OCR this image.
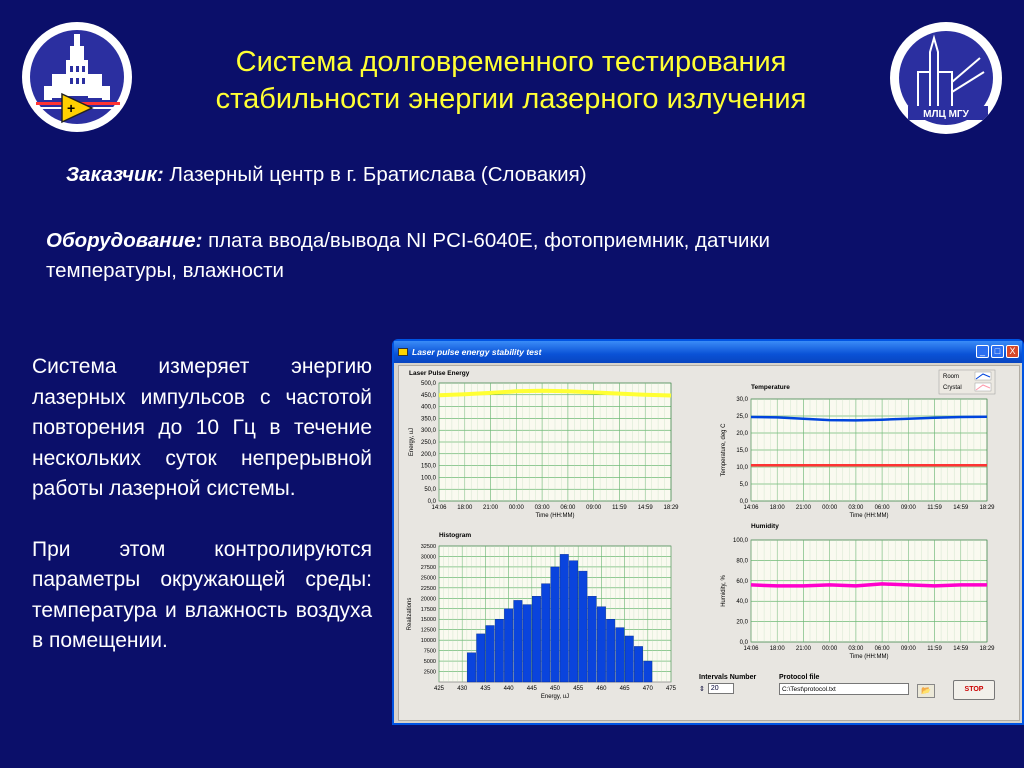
+	МЛЦ МГУ
Система долговременного тестирования
стабильности энергии лазерного излучения
Заказчик: Лазерный центр в г. Братислава (Словакия)
Оборудование: плата ввода/вывода NI PCI-6040E, фотоприемник, датчики температуры, влажности

Система измеряет энергию лазерных импульсов с частотой повторения до 10 Гц в течение нескольких суток непрерывной работы лазерной системы.

При этом контролируются параметры окружающей среды: температура и влажность воздуха в помещении.

Laser pulse energy stability test	_	□	X
Laser Pulse Energy
Energy, uJ
0,0
50,0
100,0
150,0
200,0
250,0
300,0
350,0
400,0
450,0
500,0
14:06 18:00 21:00 00:00 03:00 06:00 09:00 11:59 14:59 18:29
Time (HH:MM)
Temperature
Temperature, deg C
0,0
5,0
10,0
15,0
20,0
25,0
30,0
14:06 18:00 21:00 00:00 03:00 06:00 09:00 11:59 14:59 18:29
Time (HH:MM)
Room
Crystal
Histogram
Realizations
2500
5000
7500
10000
12500
15000
17500
20000
22500
25000
27500
30000
32500
425 430 435 440 445 450 455 460 465 470 475
Energy, uJ
Humidity
Humidity, %
0,0
20,0
40,0
60,0
80,0
100,0
14:06 18:00 21:00 00:00 03:00 06:00 09:00 11:59 14:59 18:29
Time (HH:MM)
Intervals Number
⇕ 20
Protocol file
C:\Test\protocol.txt	📂	STOP
